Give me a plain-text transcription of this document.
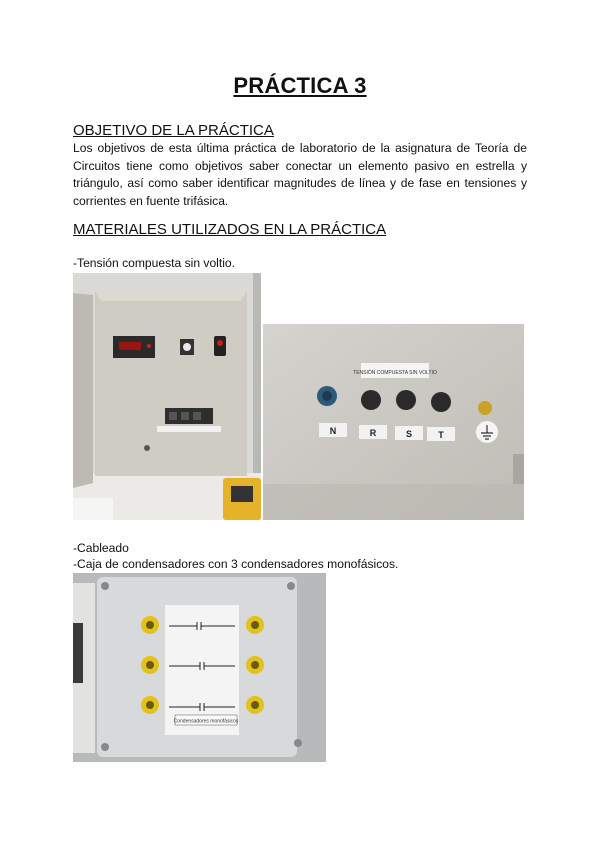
PRÁCTICA 3
OBJETIVO DE LA PRÁCTICA
Los objetivos de esta última práctica de laboratorio de la asignatura de Teoría de Circuitos tiene como objetivos saber conectar un elemento pasivo en estrella y triángulo, así como saber identificar magnitudes de línea y de fase en tensiones y corrientes en fuente trifásica.
MATERIALES UTILIZADOS EN LA PRÁCTICA
-Tensión compuesta sin voltio.
TENSIÓN COMPUESTA SIN VOLTIO
N	R	S	T
-Cableado
-Caja de condensadores con 3 condensadores monofásicos.
Condensadores monofásicos
